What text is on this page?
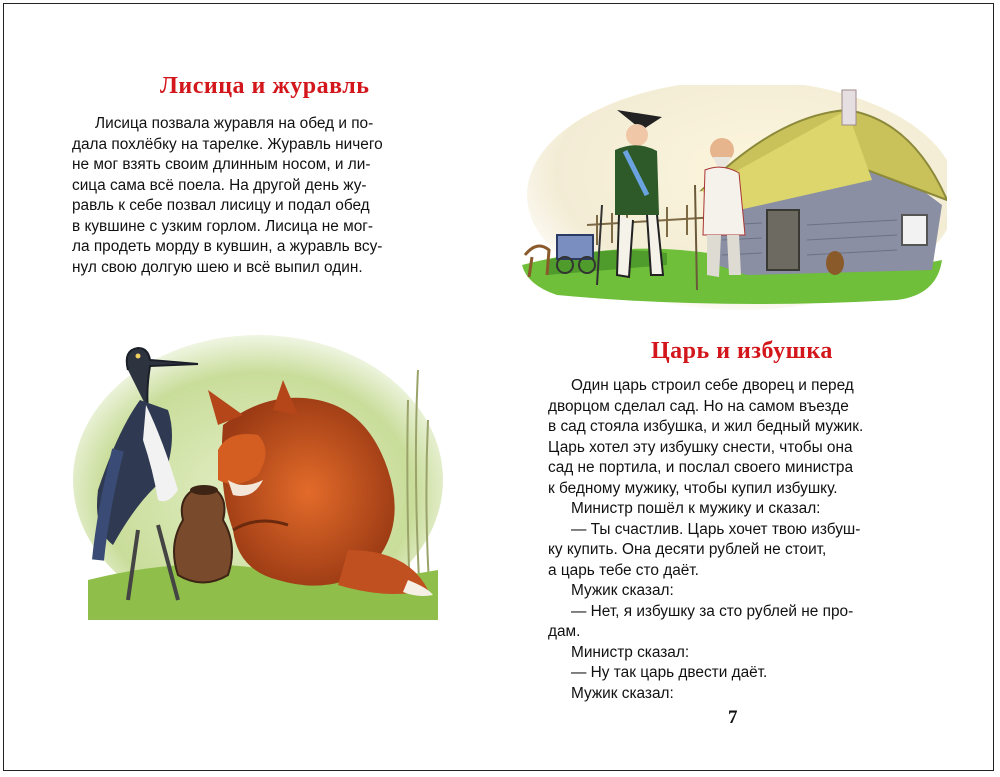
Лисица и журавль

Лисица позвала журавля на обед и по-

дала похлёбку на тарелке. Журавль ничего

не мог взять своим длинным носом, и ли-

сица сама всё поела. На другой день жу-

равль к себе позвал лисицу и подал обед

в кувшине с узким горлом. Лисица не мог-

ла продеть морду в кувшин, а журавль всу-

нул свою долгую шею и всё выпил один.

Царь и избушка

Один царь строил себе дворец и перед

дворцом сделал сад. Но на самом въезде

в сад стояла избушка, и жил бедный мужик.

Царь хотел эту избушку снести, чтобы она

сад не портила, и послал своего министра

к бедному мужику, чтобы купил избушку.

Министр пошёл к мужику и сказал:

— Ты счастлив. Царь хочет твою избуш-

ку купить. Она десяти рублей не стоит,

а царь тебе сто даёт.

Мужик сказал:

— Нет, я избушку за сто рублей не про-

дам.

Министр сказал:

— Ну так царь двести даёт.

Мужик сказал:

7
